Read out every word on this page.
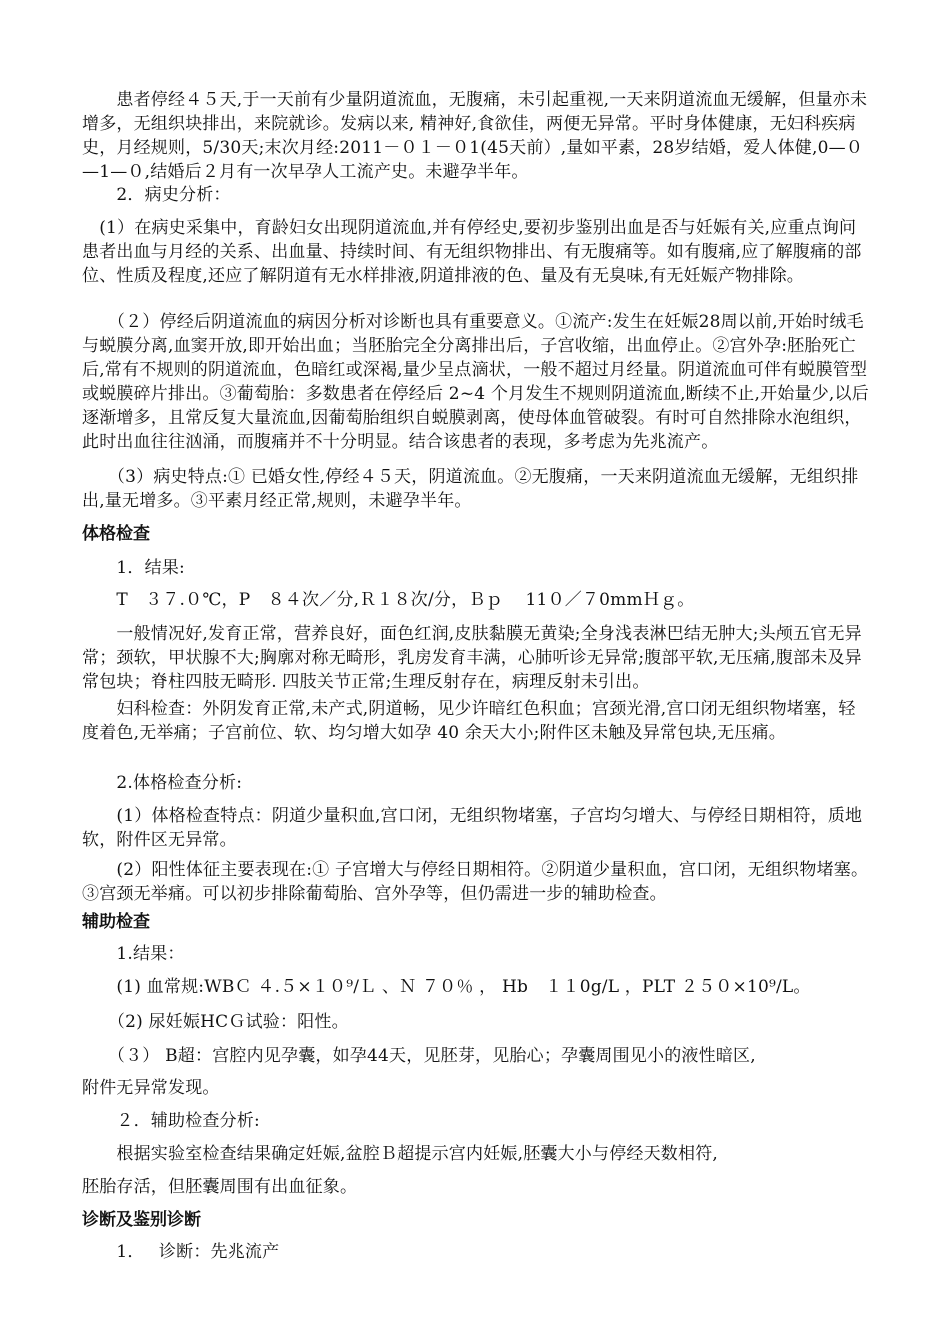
　　患者停经４５天,于一天前有少量阴道流血，无腹痛，未引起重视,一天来阴道流血无缓解，但量亦未增多，无组织块排出，来院就诊。发病以来, 精神好,食欲佳，两便无异常。平时身体健康，无妇科疾病史，月经规则，5/30天;末次月经:2011－０１－０1(45天前）,量如平素，28岁结婚，爱人体健,0—０—1—０,结婚后２月有一次早孕人工流产史。未避孕半年。

　　2．病史分析：

　(1）在病史采集中，育龄妇女出现阴道流血,并有停经史,要初步鉴别出血是否与妊娠有关,应重点询问患者出血与月经的关系、出血量、持续时间、有无组织物排出、有无腹痛等。如有腹痛,应了解腹痛的部位、性质及程度,还应了解阴道有无水样排液,阴道排液的色、量及有无臭味,有无妊娠产物排除。

　　（２）停经后阴道流血的病因分析对诊断也具有重要意义。①流产:发生在妊娠28周以前,开始时绒毛与蜕膜分离,血窦开放,即开始出血；当胚胎完全分离排出后，子宫收缩，出血停止。②宫外孕:胚胎死亡后,常有不规则的阴道流血，色暗红或深褐,量少呈点滴状，一般不超过月经量。阴道流血可伴有蜕膜管型或蜕膜碎片排出。③葡萄胎：多数患者在停经后 2~4 个月发生不规则阴道流血,断续不止,开始量少,以后逐渐增多，且常反复大量流血,因葡萄胎组织自蜕膜剥离，使母体血管破裂。有时可自然排除水泡组织，此时出血往往汹涌，而腹痛并不十分明显。结合该患者的表现，多考虑为先兆流产。

　　（3）病史特点:① 已婚女性,停经４５天，阴道流血。②无腹痛，一天来阴道流血无缓解，无组织排出,量无增多。③平素月经正常,规则，未避孕半年。

体格检查

　　1．结果:

　　T　３７.０℃，P　８４次／分,Ｒ１８次/分，Ｂｐ　 11０／７0mmＨｇ。

　　一般情况好,发育正常，营养良好，面色红润,皮肤黏膜无黄染;全身浅表淋巴结无肿大;头颅五官无异常；颈软，甲状腺不大;胸廓对称无畸形，乳房发育丰满，心肺听诊无异常;腹部平软,无压痛,腹部未及异常包块；脊柱四肢无畸形. 四肢关节正常;生理反射存在，病理反射未引出。

　　妇科检查：外阴发育正常,未产式,阴道畅，见少许暗红色积血；宫颈光滑,宫口闭无组织物堵塞，轻度着色,无举痛；子宫前位、软、均匀增大如孕 40 余天大小;附件区未触及异常包块,无压痛。

　　2.体格检查分析:

　　(1）体格检查特点：阴道少量积血,宫口闭，无组织物堵塞，子宫均匀增大、与停经日期相符，质地软，附件区无异常。

　　(2）阳性体征主要表现在:① 子宫增大与停经日期相符。②阴道少量积血，宫口闭，无组织物堵塞。③宫颈无举痛。可以初步排除葡萄胎、宫外孕等，但仍需进一步的辅助检查。

辅助检查

　　1.结果：

　　(1) 血常规:WBＣ ４.５×１０⁹/Ｌ 、Ｎ ７０％ ， Hb　１１0g/L ，PLT ２５０×10⁹/L。

　　（2) 尿妊娠HCＧ试验：阳性。

　　（３） B超：宫腔内见孕囊，如孕44天，见胚芽，见胎心；孕囊周围见小的液性暗区,

附件无异常发现。

　　２．辅助检查分析:

　　根据实验室检查结果确定妊娠,盆腔Ｂ超提示宫内妊娠,胚囊大小与停经天数相符,

胚胎存活，但胚囊周围有出血征象。

诊断及鉴别诊断

　　1．　 诊断：先兆流产
